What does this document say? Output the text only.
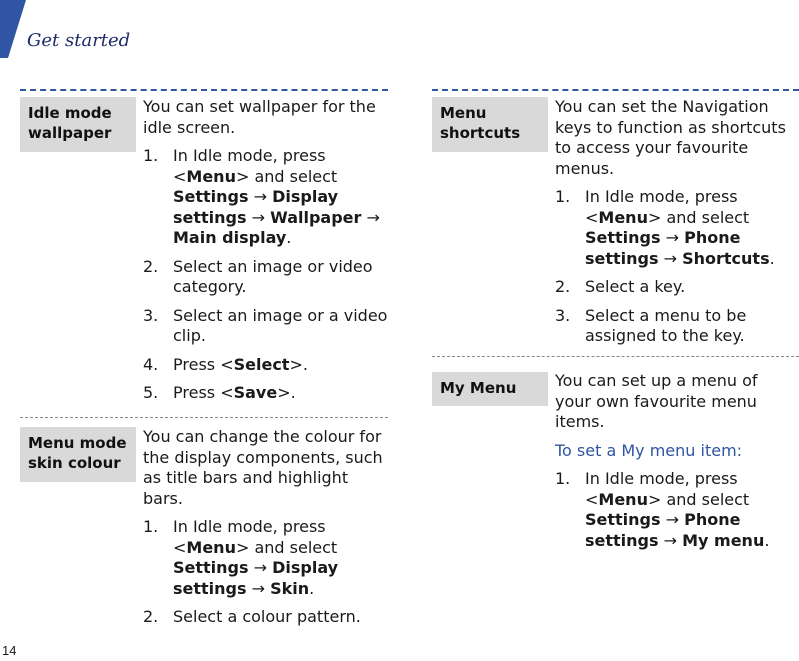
Get started
Idle mode wallpaper

You can set wallpaper for the idle screen.

1. In Idle mode, press <Menu> and select Settings → Display settings → Wallpaper → Main display.
2. Select an image or video category.
3. Select an image or a video clip.
4. Press <Select>.
5. Press <Save>.
Menu mode skin colour

You can change the colour for the display components, such as title bars and highlight bars.

1. In Idle mode, press <Menu> and select Settings → Display settings → Skin.
2. Select a colour pattern.
Menu shortcuts

You can set the Navigation keys to function as shortcuts to access your favourite menus.

1. In Idle mode, press <Menu> and select Settings → Phone settings → Shortcuts.
2. Select a key.
3. Select a menu to be assigned to the key.
My Menu	You can set up a menu of your own favourite menu items.

To set a My menu item:

1. In Idle mode, press <Menu> and select Settings → Phone settings → My menu.
14
